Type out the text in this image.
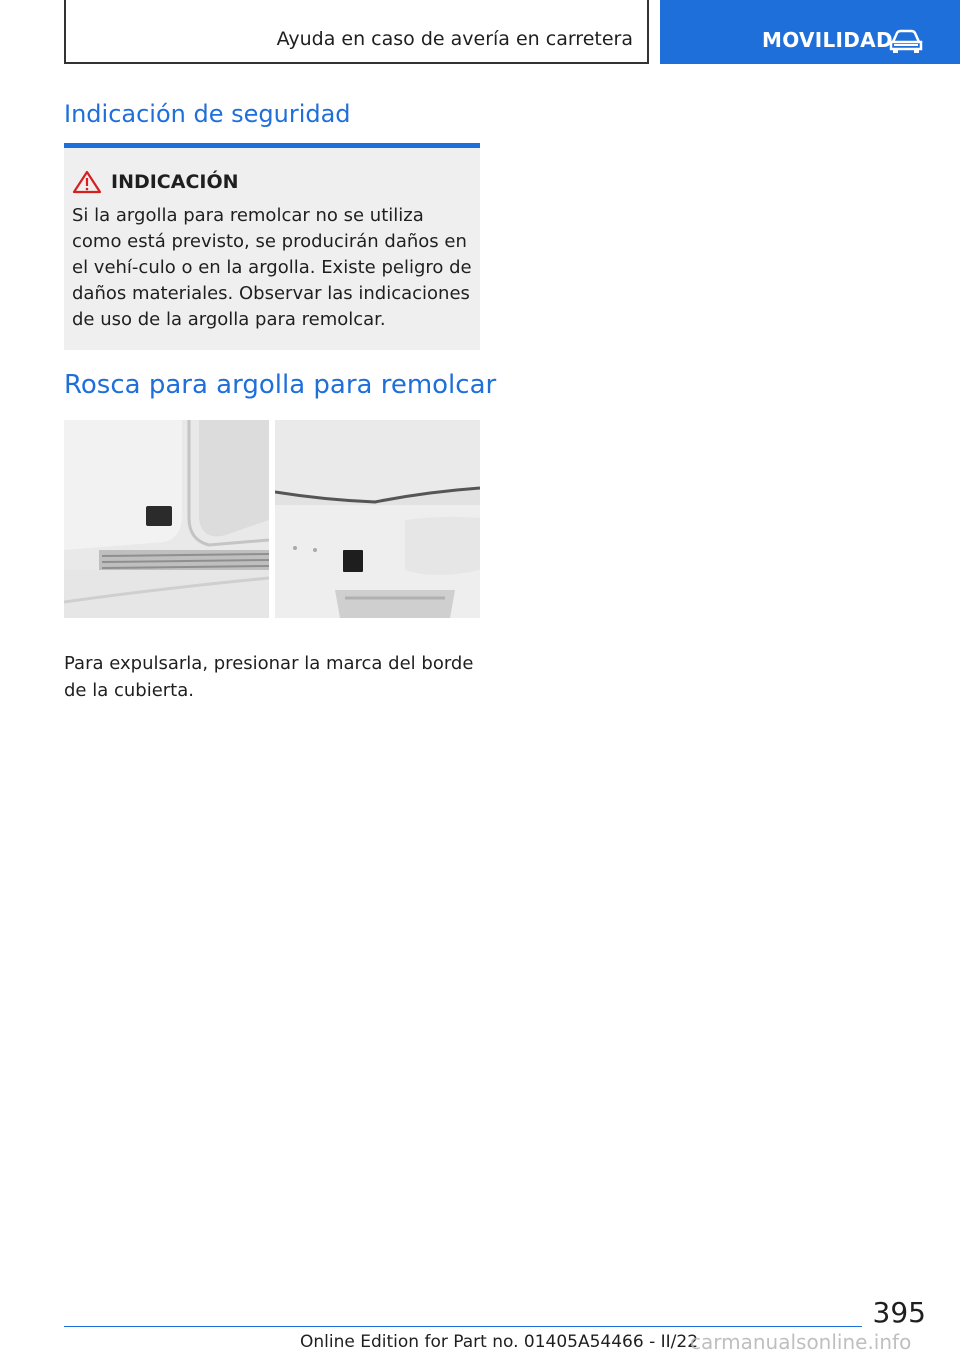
Ayuda en caso de avería en carretera	MOVILIDAD
Indicación de seguridad
INDICACIÓN
Si la argolla para remolcar no se utiliza como está previsto, se producirán daños en el vehí-culo o en la argolla. Existe peligro de daños materiales. Observar las indicaciones de uso de la argolla para remolcar.
Rosca para argolla para remolcar
Para expulsarla, presionar la marca del borde de la cubierta.
395
Online Edition for Part no. 01405A54466 - II/22
carmanualsonline.info
